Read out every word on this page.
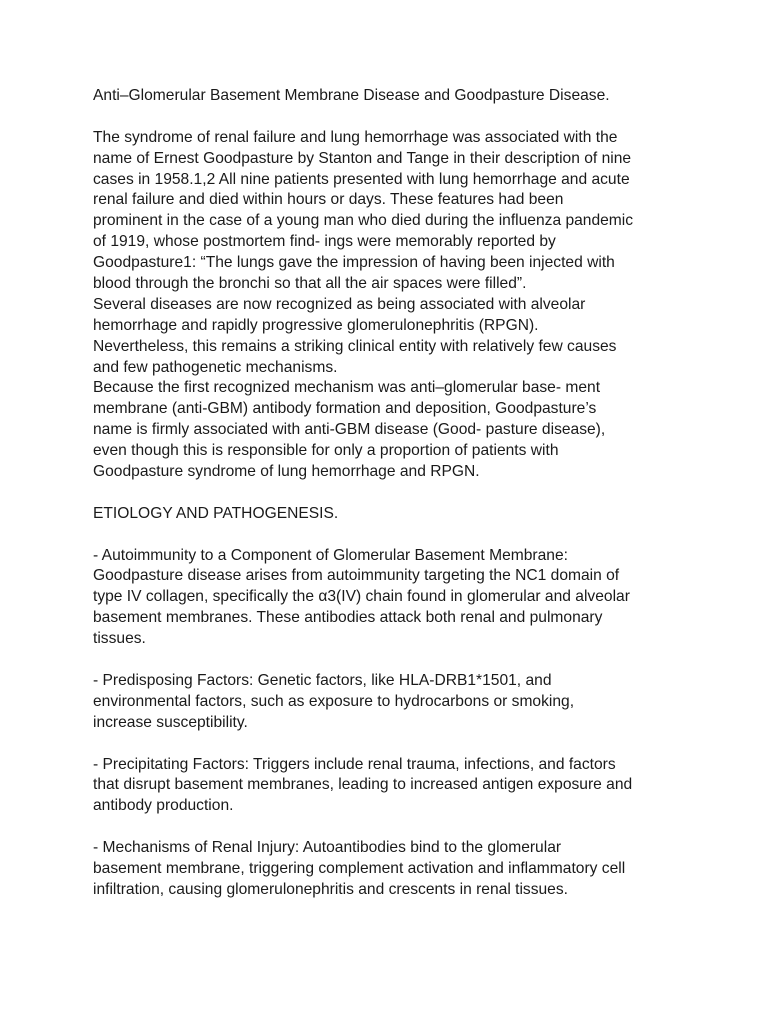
Anti–Glomerular Basement Membrane Disease and Goodpasture Disease.
The syndrome of renal failure and lung hemorrhage was associated with the
name of Ernest Goodpasture by Stanton and Tange in their description of nine
cases in 1958.1,2 All nine patients presented with lung hemorrhage and acute
renal failure and died within hours or days. These features had been
prominent in the case of a young man who died during the influenza pandemic
of 1919, whose postmortem find- ings were memorably reported by
Goodpasture1: “The lungs gave the impression of having been injected with
blood through the bronchi so that all the air spaces were filled”.
Several diseases are now recognized as being associated with alveolar
hemorrhage and rapidly progressive glomerulonephritis (RPGN).
Nevertheless, this remains a striking clinical entity with relatively few causes
and few pathogenetic mechanisms.
Because the first recognized mechanism was anti–glomerular base- ment
membrane (anti-GBM) antibody formation and deposition, Goodpasture’s
name is firmly associated with anti-GBM disease (Good- pasture disease),
even though this is responsible for only a proportion of patients with
Goodpasture syndrome of lung hemorrhage and RPGN.
ETIOLOGY AND PATHOGENESIS.
- Autoimmunity to a Component of Glomerular Basement Membrane:
Goodpasture disease arises from autoimmunity targeting the NC1 domain of
type IV collagen, specifically the α3(IV) chain found in glomerular and alveolar
basement membranes. These antibodies attack both renal and pulmonary
tissues.
- Predisposing Factors: Genetic factors, like HLA-DRB1*1501, and
environmental factors, such as exposure to hydrocarbons or smoking,
increase susceptibility.
- Precipitating Factors: Triggers include renal trauma, infections, and factors
that disrupt basement membranes, leading to increased antigen exposure and
antibody production.
- Mechanisms of Renal Injury: Autoantibodies bind to the glomerular
basement membrane, triggering complement activation and inflammatory cell
infiltration, causing glomerulonephritis and crescents in renal tissues.
